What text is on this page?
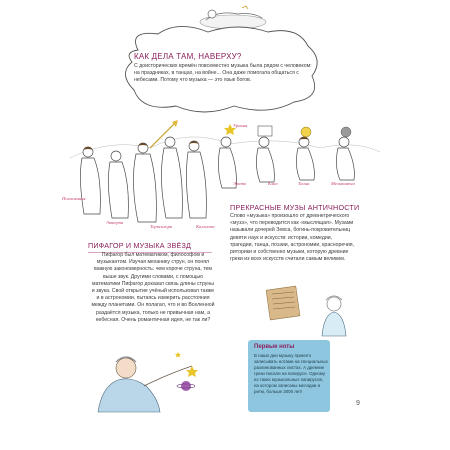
КАК ДЕЛА ТАМ, НАВЕРХУ?
С доисторических времён повсеместно музыка была рядом с человеком: на праздниках, в танцах, на войне... Она даже помогала общаться с небесами. Потому что музыка — это язык богов.
Урания
Эрато	Клио	Талия	Мельпомена
Полигимния
Эвтерпа
Терпсихора	Каллиопа
ПРЕКРАСНЫЕ МУЗЫ АНТИЧНОСТИ
Слово «музыка» произошло от древнегреческого «музэ», что переводится как «мыслящая». Музами называли дочерей Зевса, богинь-покровительниц девяти наук и искусств: истории, комедии, трагедии, танца, поэзии, астрономии, красноречия, риторики и собственно музыки, которую древние греки из всех искусств считали самым великим.
ПИФАГОР И МУЗЫКА ЗВЁЗД
Пифагор был математиком, философом и музыкантом. Изучая механику струн, он понял важную закономерность: чем короче струна, тем выше звук. Другими словами, с помощью математики Пифагор доказал связь длины струны и звука. Свой открытие учёный использовал также и в астрономии, пытаясь измерить расстояния между планетами. Он полагал, что и во Вселенной раздаётся музыка, только не привычная нам, а небесная. Очень романтичная идея, не так ли?
Первые ноты
В наши дни музыку принято записывать нотами на специальных разлинованных листах. А древние греки писали на папирусе. Одному из таких музыкальных папирусов, на котором записаны мелодии и ритм, больше 3000 лет!
9
